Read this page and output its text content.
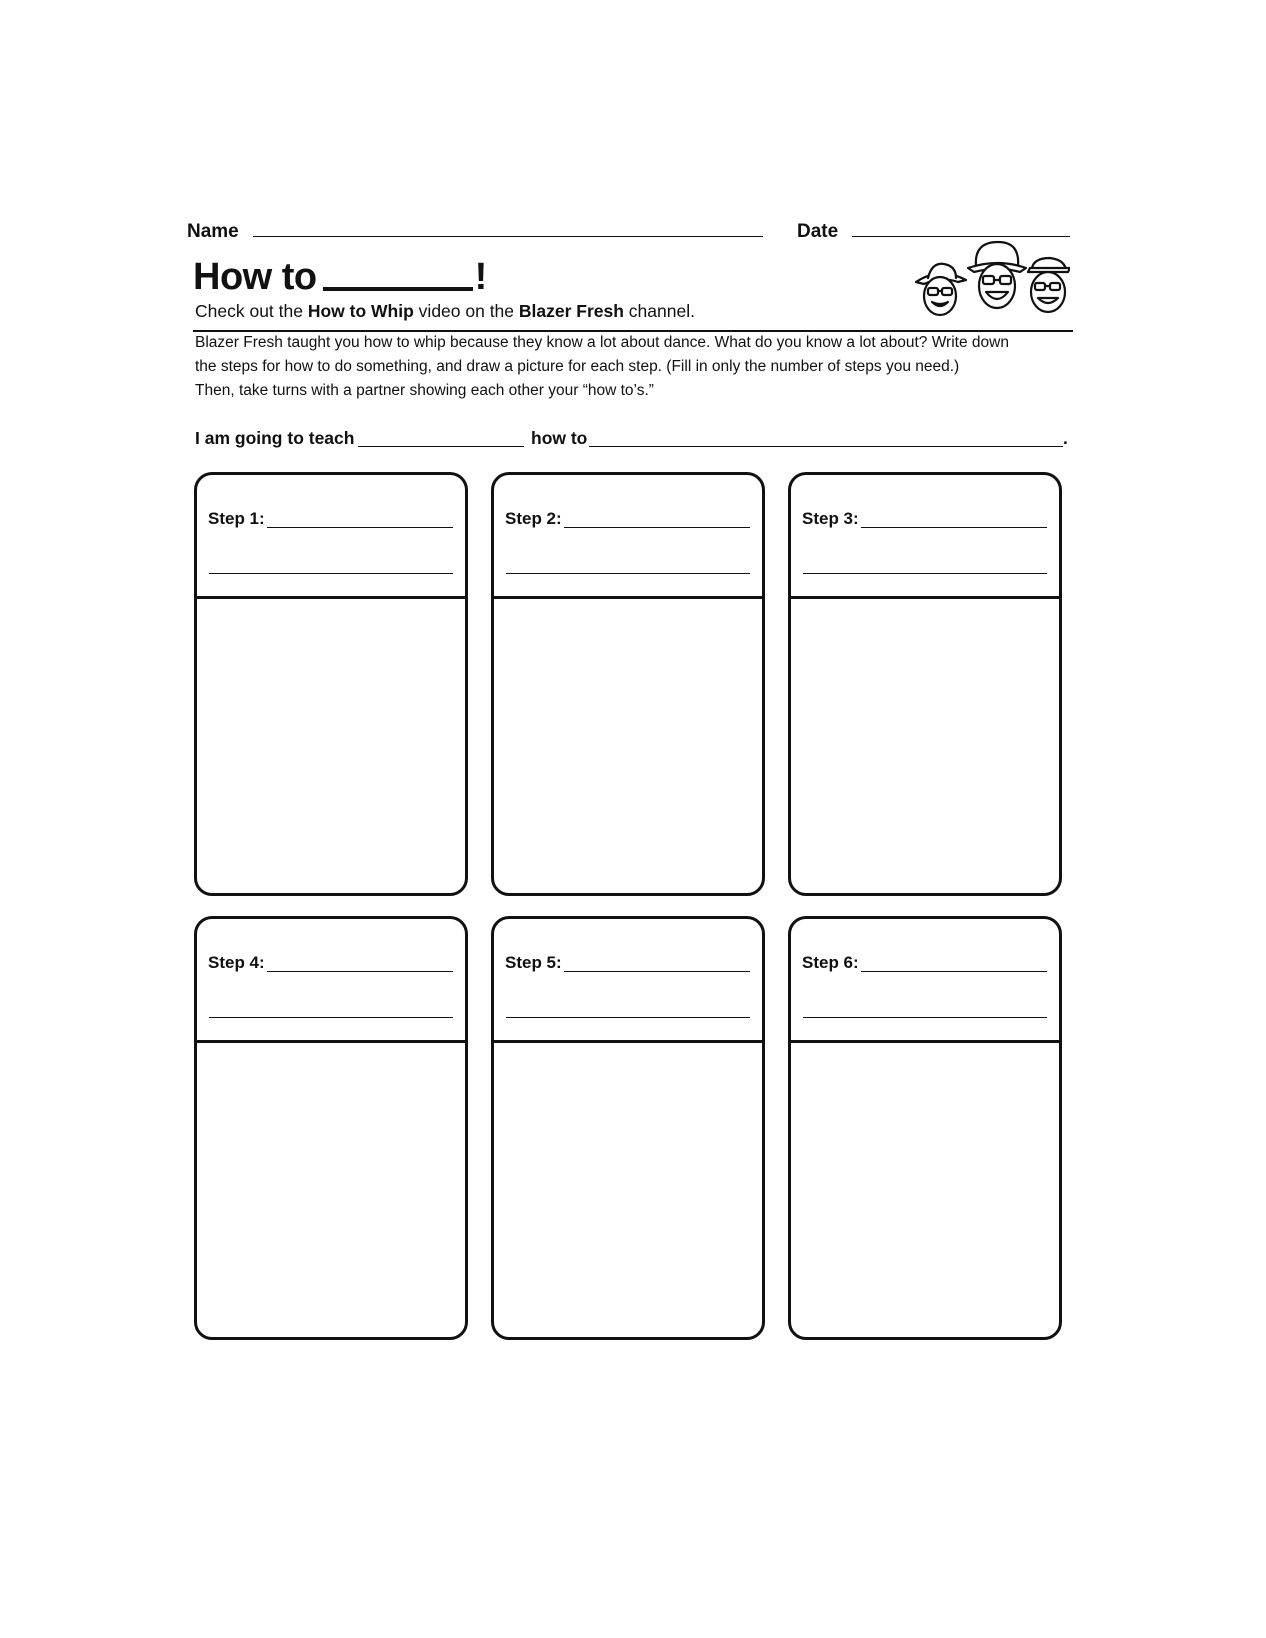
Name	Date
How to	!
Check out the How to Whip video on the Blazer Fresh channel.
Blazer Fresh taught you how to whip because they know a lot about dance. What do you know a lot about? Write down
the steps for how to do something, and draw a picture for each step. (Fill in only the number of steps you need.)
Then, take turns with a partner showing each other your “how to’s.”
I am going to teach	how to	.
Step 1:	Step 2:	Step 3:
Step 4:	Step 5:	Step 6:
